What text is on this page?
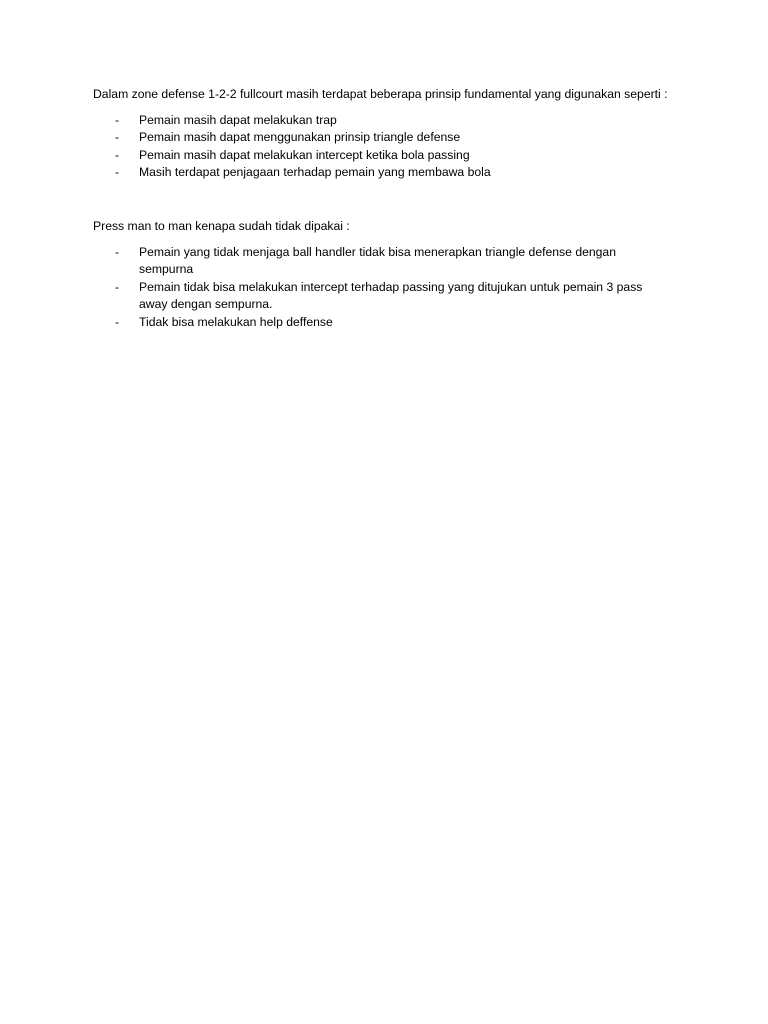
Dalam zone defense 1-2-2 fullcourt masih terdapat beberapa prinsip fundamental yang digunakan seperti :

- Pemain masih dapat melakukan trap
- Pemain masih dapat menggunakan prinsip triangle defense
- Pemain masih dapat melakukan intercept ketika bola passing
- Masih terdapat penjagaan terhadap pemain yang membawa bola

Press man to man kenapa sudah tidak dipakai :

- Pemain yang tidak menjaga ball handler tidak bisa menerapkan triangle defense dengan sempurna
- Pemain tidak bisa melakukan intercept terhadap passing yang ditujukan untuk pemain 3 pass away dengan sempurna.
- Tidak bisa melakukan help deffense
